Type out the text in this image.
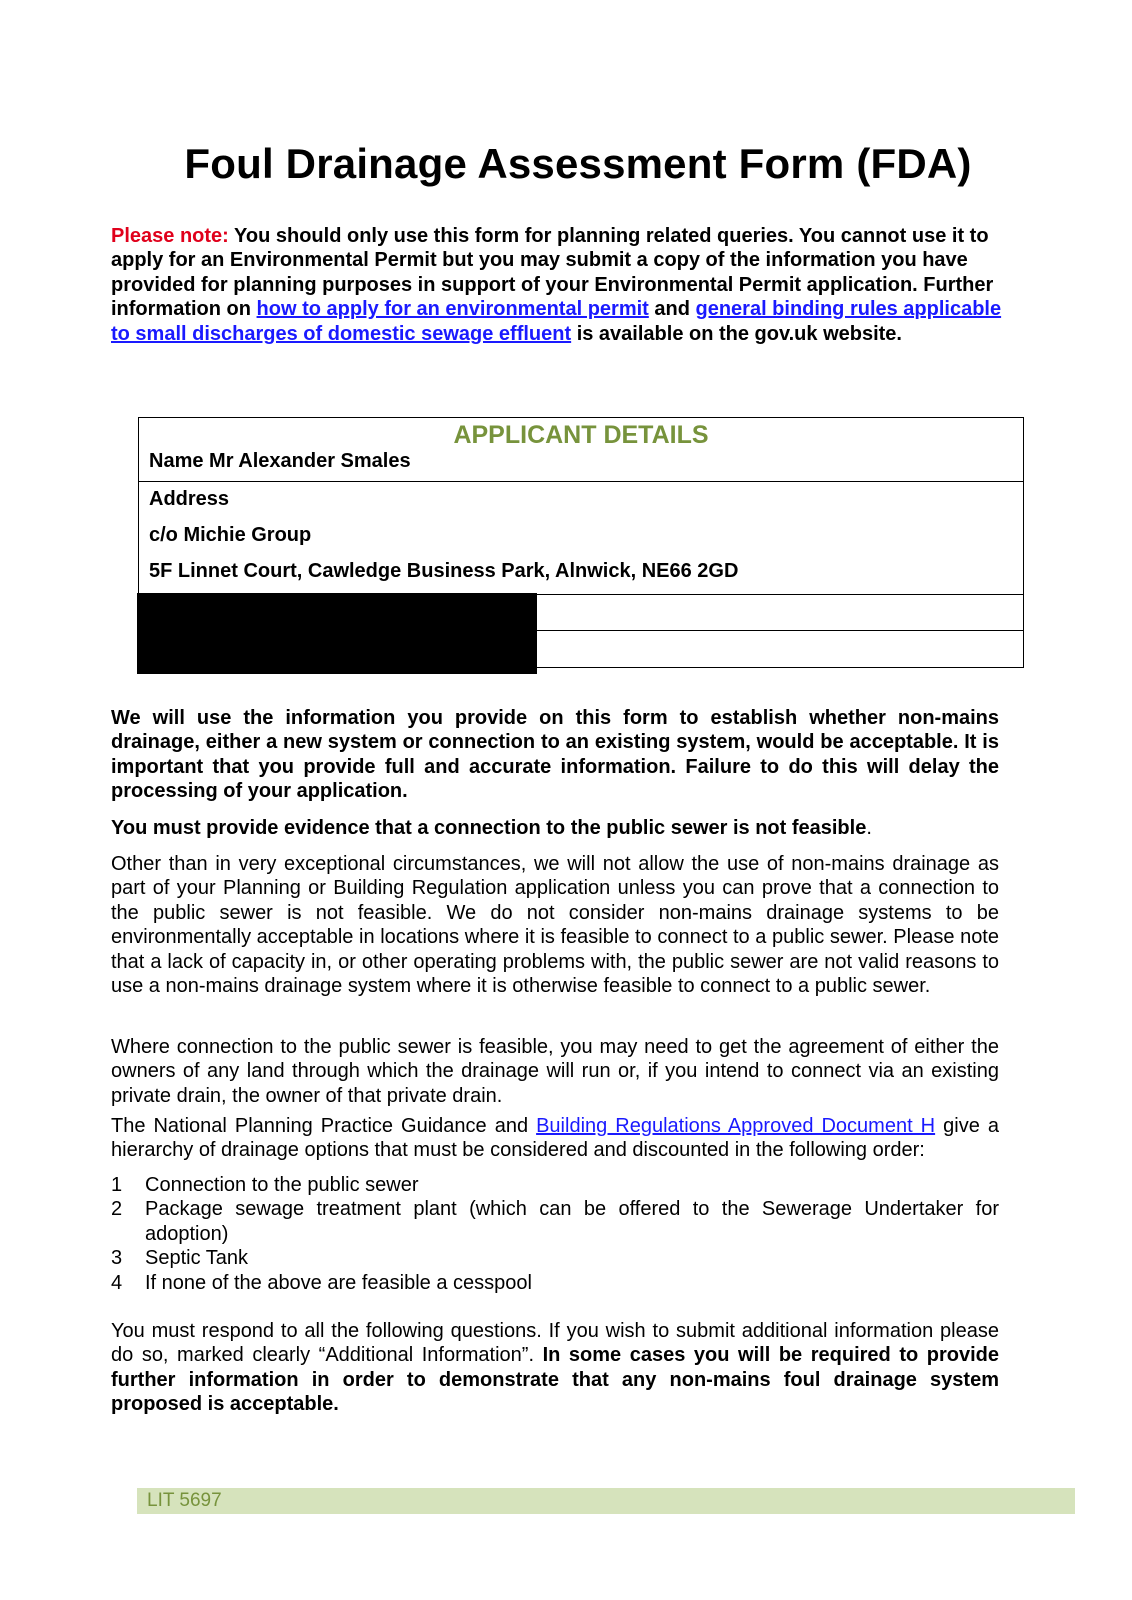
Foul Drainage Assessment Form (FDA)
Please note: You should only use this form for planning related queries. You cannot use it to apply for an Environmental Permit but you may submit a copy of the information you have provided for planning purposes in support of your Environmental Permit application. Further information on how to apply for an environmental permit and general binding rules applicable to small discharges of domestic sewage effluent is available on the gov.uk website.
APPLICANT DETAILS
Name Mr Alexander Smales
Address
c/o Michie Group
5F Linnet Court, Cawledge Business Park, Alnwick, NE66 2GD
We will use the information you provide on this form to establish whether non-mains drainage, either a new system or connection to an existing system, would be acceptable. It is important that you provide full and accurate information. Failure to do this will delay the processing of your application.
You must provide evidence that a connection to the public sewer is not feasible.
Other than in very exceptional circumstances, we will not allow the use of non-mains drainage as part of your Planning or Building Regulation application unless you can prove that a connection to the public sewer is not feasible. We do not consider non-mains drainage systems to be environmentally acceptable in locations where it is feasible to connect to a public sewer. Please note that a lack of capacity in, or other operating problems with, the public sewer are not valid reasons to use a non-mains drainage system where it is otherwise feasible to connect to a public sewer.
Where connection to the public sewer is feasible, you may need to get the agreement of either the owners of any land through which the drainage will run or, if you intend to connect via an existing private drain, the owner of that private drain.
The National Planning Practice Guidance and Building Regulations Approved Document H give a hierarchy of drainage options that must be considered and discounted in the following order:
1	Connection to the public sewer
2	Package sewage treatment plant (which can be offered to the Sewerage Undertaker for adoption)
3	Septic Tank
4	If none of the above are feasible a cesspool
You must respond to all the following questions. If you wish to submit additional information please do so, marked clearly “Additional Information”. In some cases you will be required to provide further information in order to demonstrate that any non-mains foul drainage system proposed is acceptable.
LIT 5697
